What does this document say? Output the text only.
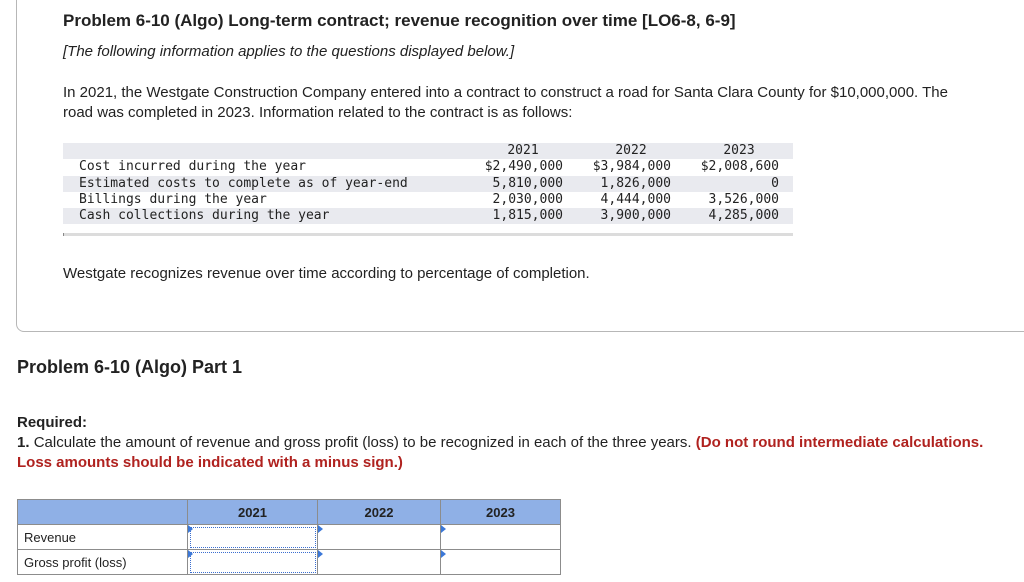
Problem 6-10 (Algo) Long-term contract; revenue recognition over time [LO6-8, 6-9]
[The following information applies to the questions displayed below.]
In 2021, the Westgate Construction Company entered into a contract to construct a road for Santa Clara County for $10,000,000. The road was completed in 2023. Information related to the contract is as follows:
2021	2022	2023
Cost incurred during the year	$2,490,000	$3,984,000	$2,008,600
Estimated costs to complete as of year-end	5,810,000	1,826,000	0
Billings during the year	2,030,000	4,444,000	3,526,000
Cash collections during the year	1,815,000	3,900,000	4,285,000
Westgate recognizes revenue over time according to percentage of completion.
Problem 6-10 (Algo) Part 1
Required:
1. Calculate the amount of revenue and gross profit (loss) to be recognized in each of the three years. (Do not round intermediate calculations. Loss amounts should be indicated with a minus sign.)
	2021	2022	2023
Revenue			
Gross profit (loss)			
